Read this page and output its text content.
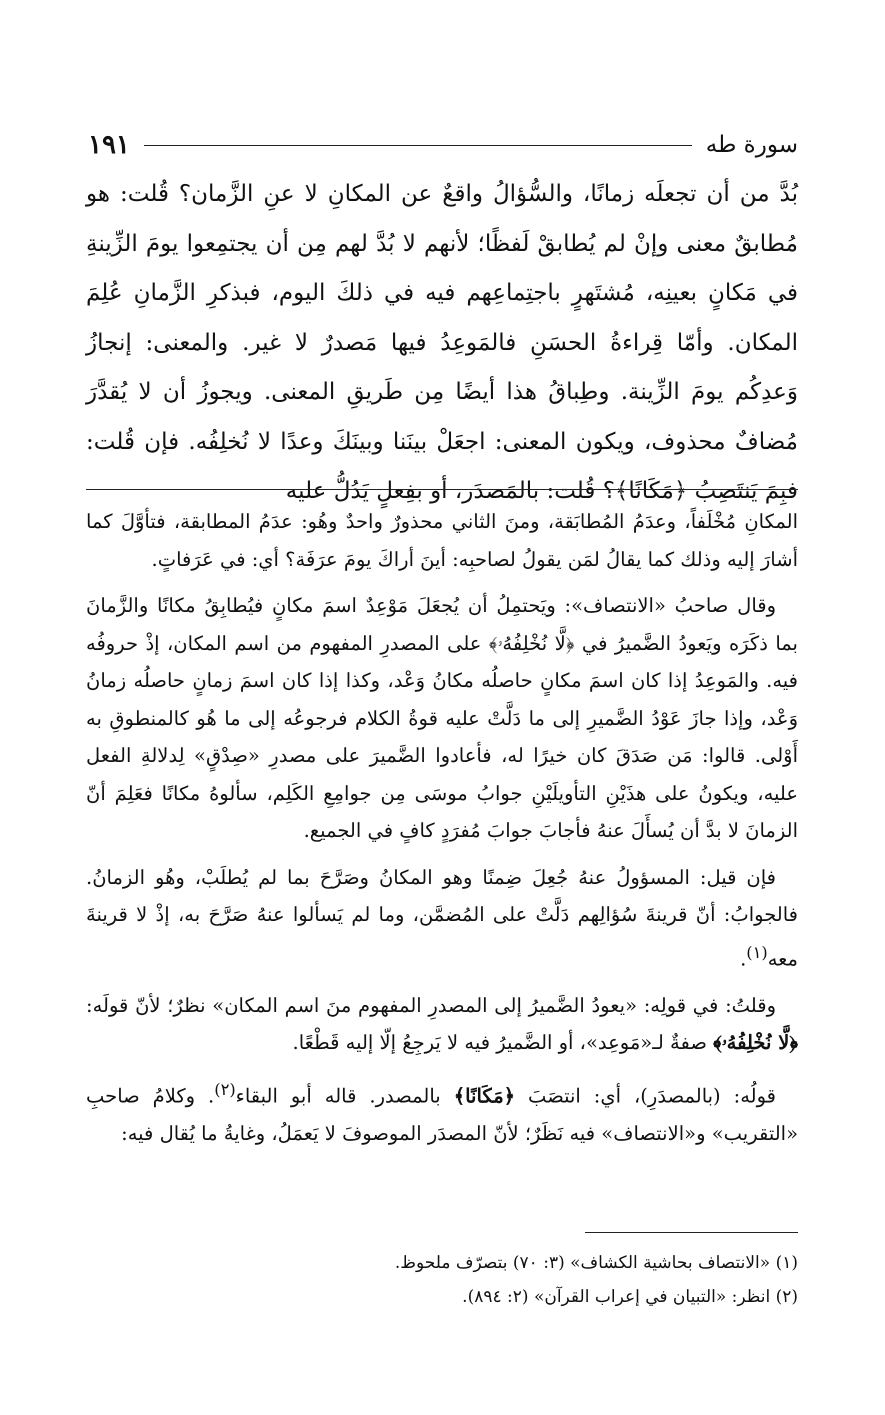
سورة طه
١٩١

بُدَّ من أن تجعلَه زمانًا، والسُّؤالُ واقعٌ عن المكانِ لا عنِ الزَّمان؟ قُلت: هو مُطابقٌ معنى وإنْ لم يُطابقْ لَفظًا؛ لأنهم لا بُدَّ لهم مِن أن يجتمِعوا يومَ الزِّينةِ في مَكانٍ بعينِه، مُشتَهرٍ باجتِماعِهم فيه في ذلكَ اليوم، فبذكرِ الزَّمانِ عُلِمَ المكان. وأمّا قِراءةُ الحسَنِ فالمَوعِدُ فيها مَصدرٌ لا غير. والمعنى: إنجازُ وَعدِكُم يومَ الزِّينة. وطِباقُ هذا أيضًا مِن طَريقِ المعنى. ويجوزُ أن لا يُقدَّرَ مُضافٌ محذوف، ويكون المعنى: اجعَلْ بينَنا وبينَكَ وعدًا لا نُخلِفُه. فإن قُلت: فبِمَ يَنتَصِبُ ﴿مَكَانًا﴾؟ قُلت: بالمَصدَر، أو بفِعلٍ يَدُلُّ عليه

المكانِ مُخْلَفاً، وعدَمُ المُطابَقة، ومنَ الثاني محذورٌ واحدٌ وهُو: عدَمُ المطابقة، فتأوَّلَ كما أشارَ إليه وذلك كما يقالُ لمَن يقولُ لصاحبِه: أينَ أراكَ يومَ عرَفَة؟ أي: في عَرَفاتٍ.

وقال صاحبُ «الانتصاف»: ويَحتمِلُ أن يُجعَلَ مَوْعِدٌ اسمَ مكانٍ فيُطابِقُ مكانًا والزَّمانَ بما ذكَرَه ويَعودُ الضَّميرُ في ﴿لَّا نُخْلِفُهُۥ﴾ على المصدرِ المفهوم من اسم المكان، إذْ حروفُه فيه. والمَوعِدُ إذا كان اسمَ مكانٍ حاصلُه مكانُ وَعْد، وكذا إذا كان اسمَ زمانٍ حاصلُه زمانُ وَعْد، وإذا جازَ عَوْدُ الضَّميرِ إلى ما دَلَّتْ عليه قوةُ الكلام فرجوعُه إلى ما هُو كالمنطوقِ به أَوْلى. قالوا: مَن صَدَقَ كان خيرًا له، فأعادوا الضَّميرَ على مصدرِ «صِدْقٍ» لِدلالةِ الفعل عليه، ويكونُ على هذَيْنِ التأويلَيْنِ جوابُ موسَى مِن جوامِعِ الكَلِم، سألوهُ مكانًا فعَلِمَ أنّ الزمانَ لا بدَّ أن يُسأَلَ عنهُ فأجابَ جوابَ مُفرَدٍ كافٍ في الجميع.

فإن قيل: المسؤولُ عنهُ جُعِلَ ضِمنًا وهو المكانُ وصَرَّحَ بما لم يُطلَبْ، وهُو الزمانُ. فالجوابُ: أنّ قرينةَ سُؤالِهم دَلَّتْ على المُضمَّن، وما لم يَسألوا عنهُ صَرَّحَ به، إذْ لا قرينةَ معه$^{(١)}$.

وقلتُ: في قولِه: «يعودُ الضَّميرُ إلى المصدرِ المفهوم منَ اسم المكان» نظرٌ؛ لأنّ قولَه: ﴿لَّا نُخْلِفُهُۥ﴾ صفةٌ لـ«مَوعِد»، أو الضَّميرُ فيه لا يَرجِعُ إلّا إليه قَطْعًا.

قولُه: (بالمصدَرِ)، أي: انتصَبَ ﴿مَكَانًا﴾ بالمصدر. قاله أبو البقاء$^{(٢)}$. وكلامُ صاحبِ «التقريب» و«الانتصاف» فيه نَظَرٌ؛ لأنّ المصدَر الموصوفَ لا يَعمَلُ، وغايةُ ما يُقال فيه:

(١) «الانتصاف بحاشية الكشاف» (٣: ٧٠) بتصرّف ملحوظ.

(٢) انظر: «التبيان في إعراب القرآن» (٢: ٨٩٤).
